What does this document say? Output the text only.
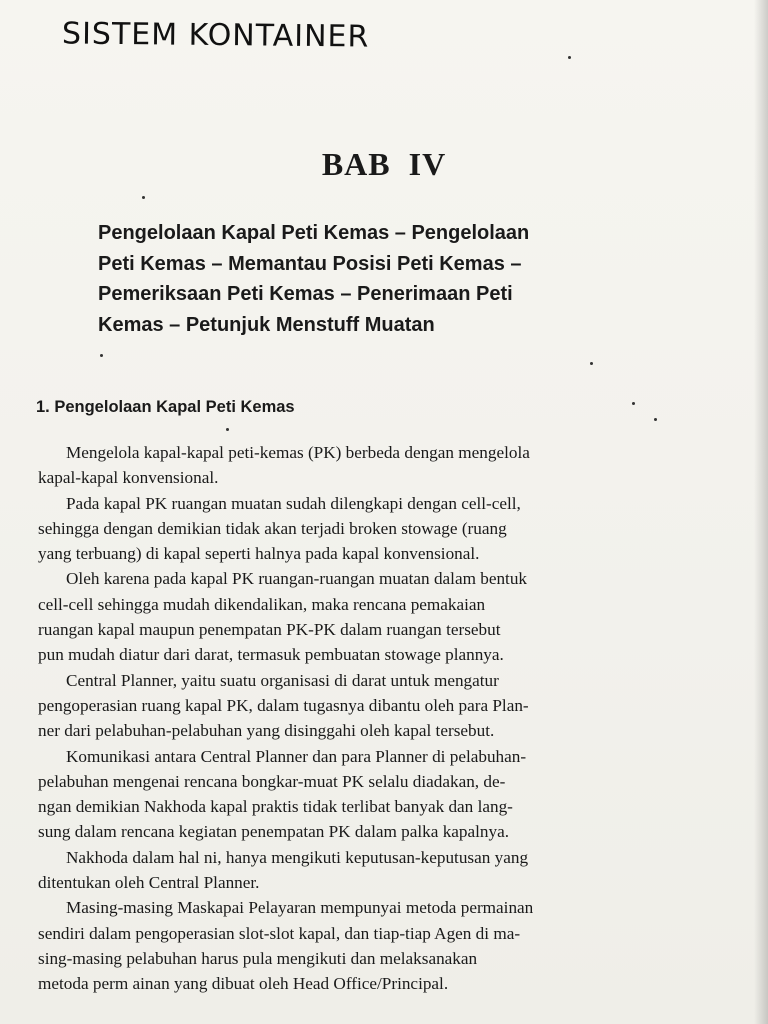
SISTEM KONTAINER
BAB  IV
Pengelolaan Kapal Peti Kemas – Pengelolaan
Peti Kemas – Memantau Posisi Peti Kemas –
Pemeriksaan Peti Kemas – Penerimaan Peti
Kemas – Petunjuk Menstuff Muatan
1. Pengelolaan Kapal Peti Kemas

Mengelola kapal-kapal peti-kemas (PK) berbeda dengan mengelola
kapal-kapal konvensional.

Pada kapal PK ruangan muatan sudah dilengkapi dengan cell-cell,
sehingga dengan demikian tidak akan terjadi broken stowage (ruang
yang terbuang) di kapal seperti halnya pada kapal konvensional.

Oleh karena pada kapal PK ruangan-ruangan muatan dalam bentuk
cell-cell sehingga mudah dikendalikan, maka rencana pemakaian
ruangan kapal maupun penempatan PK-PK dalam ruangan tersebut
pun mudah diatur dari darat, termasuk pembuatan stowage plannya.

Central Planner, yaitu suatu organisasi di darat untuk mengatur
pengoperasian ruang kapal PK, dalam tugasnya dibantu oleh para Plan-
ner dari pelabuhan-pelabuhan yang disinggahi oleh kapal tersebut.

Komunikasi antara Central Planner dan para Planner di pelabuhan-
pelabuhan mengenai rencana bongkar-muat PK selalu diadakan, de-
ngan demikian Nakhoda kapal praktis tidak terlibat banyak dan lang-
sung dalam rencana kegiatan penempatan PK dalam palka kapalnya.

Nakhoda dalam hal ni, hanya mengikuti keputusan-keputusan yang
ditentukan oleh Central Planner.

Masing-masing Maskapai Pelayaran mempunyai metoda permainan
sendiri dalam pengoperasian slot-slot kapal, dan tiap-tiap Agen di ma-
sing-masing pelabuhan harus pula mengikuti dan melaksanakan
metoda perm ainan yang dibuat oleh Head Office/Principal.
